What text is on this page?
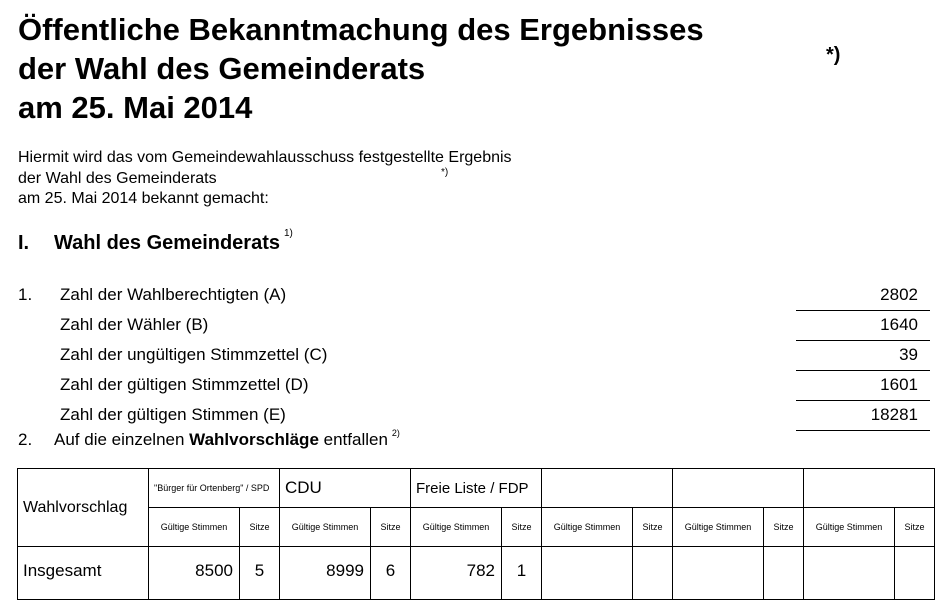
Öffentliche Bekanntmachung des Ergebnisses
der Wahl des Gemeinderats
am 25. Mai 2014
*)
Hiermit wird das vom Gemeindewahlausschuss festgestellte Ergebnis
der Wahl des Gemeinderats
am 25. Mai 2014 bekannt gemacht:
*)
I. Wahl des Gemeinderats $^{1)}$
1. Zahl der Wahlberechtigten (A)	2802
Zahl der Wähler (B)	1640
Zahl der ungültigen Stimmzettel (C)	39
Zahl der gültigen Stimmzettel (D)	1601
Zahl der gültigen Stimmen (E)	18281
2. Auf die einzelnen Wahlvorschläge entfallen $^{2)}$
Wahlvorschlag	"Bürger für Ortenberg" / SPD		CDU		Freie Liste / FDP							
	Gültige Stimmen	Sitze	Gültige Stimmen	Sitze	Gültige Stimmen	Sitze	Gültige Stimmen	Sitze	Gültige Stimmen	Sitze	Gültige Stimmen	Sitze
Insgesamt	8500	5	8999	6	782	1						
